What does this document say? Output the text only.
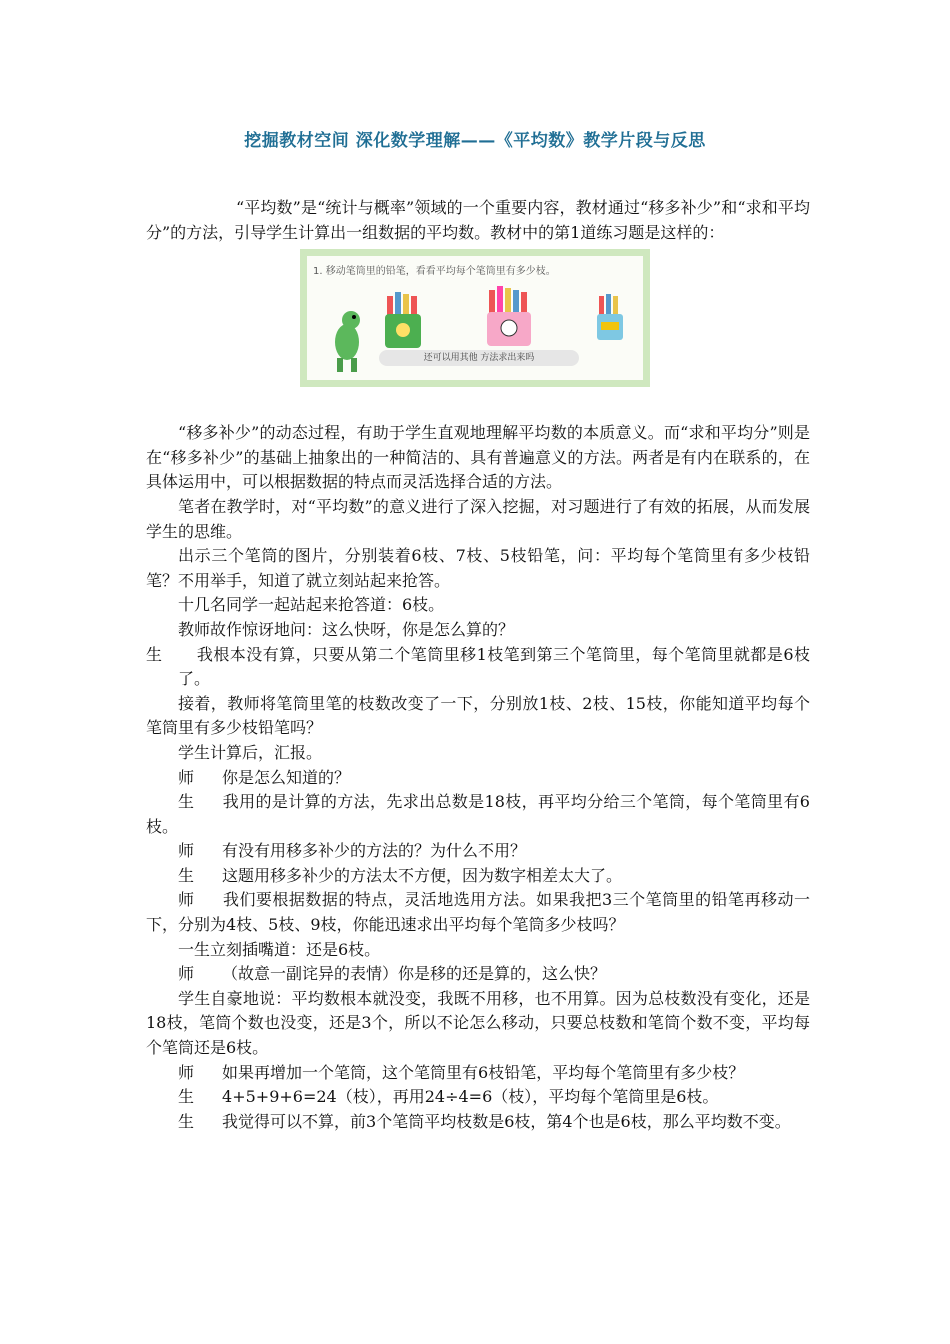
挖掘教材空间 深化数学理解——《平均数》教学片段与反思

“平均数”是“统计与概率”领域的一个重要内容，教材通过“移多补少”和“求和平均分”的方法，引导学生计算出一组数据的平均数。教材中的第1道练习题是这样的：

1. 移动笔筒里的铅笔，看看平均每个笔筒里有多少枝。
还可以用其他 方法求出来吗

“移多补少”的动态过程，有助于学生直观地理解平均数的本质意义。而“求和平均分”则是在“移多补少”的基础上抽象出的一种简洁的、具有普遍意义的方法。两者是有内在联系的，在具体运用中，可以根据数据的特点而灵活选择合适的方法。

笔者在教学时，对“平均数”的意义进行了深入挖掘，对习题进行了有效的拓展，从而发展学生的思维。

出示三个笔筒的图片，分别装着6枝、7枝、5枝铅笔，问：平均每个笔筒里有多少枝铅笔？不用举手，知道了就立刻站起来抢答。

十几名同学一起站起来抢答道：6枝。

教师故作惊讶地问：这么快呀，你是怎么算的？

生 我根本没有算，只要从第二个笔筒里移1枝笔到第三个笔筒里，每个笔筒里就都是6枝了。

接着，教师将笔筒里笔的枝数改变了一下，分别放1枝、2枝、15枝，你能知道平均每个笔筒里有多少枝铅笔吗？

学生计算后，汇报。

师 你是怎么知道的？

生 我用的是计算的方法，先求出总数是18枝，再平均分给三个笔筒，每个笔筒里有6枝。

师 有没有用移多补少的方法的？为什么不用？

生 这题用移多补少的方法太不方便，因为数字相差太大了。

师 我们要根据数据的特点，灵活地选用方法。如果我把3三个笔筒里的铅笔再移动一下，分别为4枝、5枝、9枝，你能迅速求出平均每个笔筒多少枝吗？

一生立刻插嘴道：还是6枝。

师 （故意一副诧异的表情）你是移的还是算的，这么快？

学生自豪地说：平均数根本就没变，我既不用移，也不用算。因为总枝数没有变化，还是18枝，笔筒个数也没变，还是3个，所以不论怎么移动，只要总枝数和笔筒个数不变，平均每个笔筒还是6枝。

师 如果再增加一个笔筒，这个笔筒里有6枝铅笔，平均每个笔筒里有多少枝？

生 4+5+9+6=24（枝），再用24÷4=6（枝），平均每个笔筒里是6枝。

生 我觉得可以不算，前3个笔筒平均枝数是6枝，第4个也是6枝，那么平均数不变。
